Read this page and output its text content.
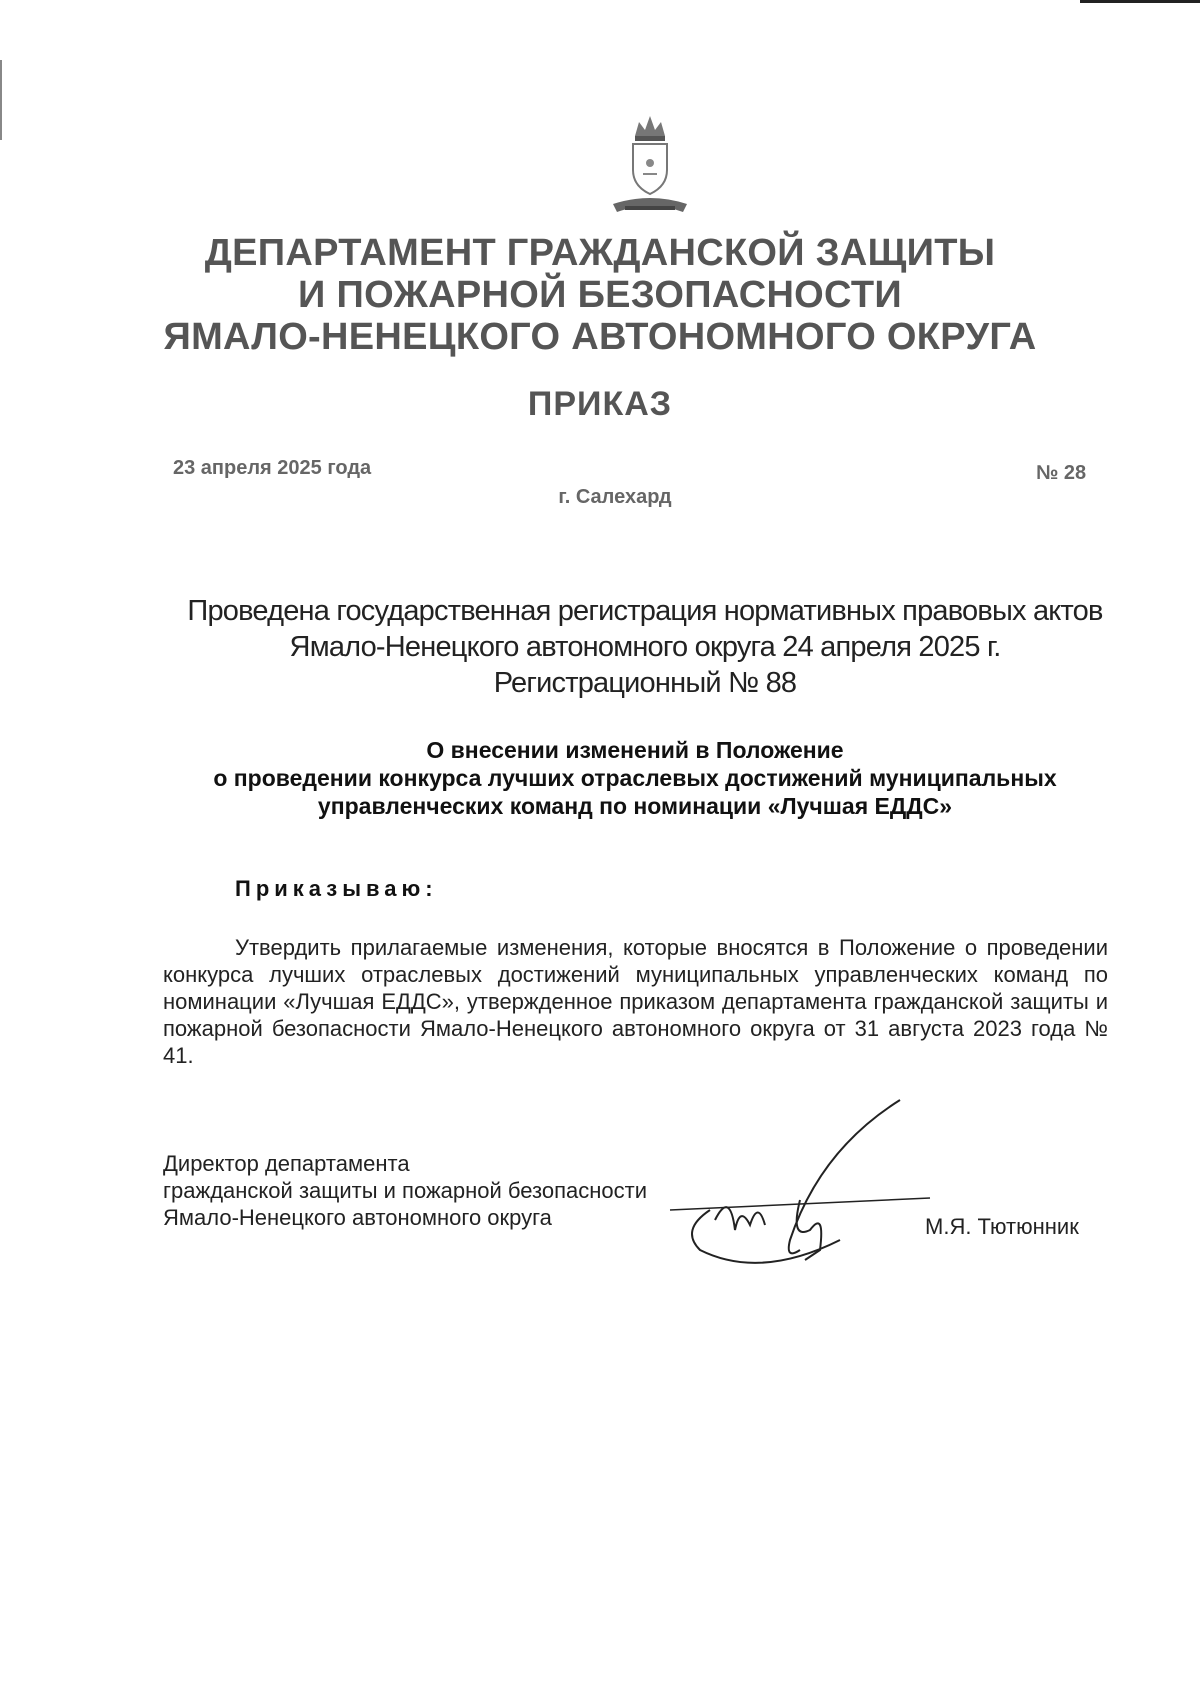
ДЕПАРТАМЕНТ ГРАЖДАНСКОЙ ЗАЩИТЫ
И ПОЖАРНОЙ БЕЗОПАСНОСТИ
ЯМАЛО-НЕНЕЦКОГО АВТОНОМНОГО ОКРУГА
ПРИКАЗ
23 апреля 2025 года	№ 28
г. Салехард
Проведена государственная регистрация нормативных правовых актов
Ямало-Ненецкого автономного округа 24 апреля 2025 г.
Регистрационный № 88
О внесении изменений в Положение
о проведении конкурса лучших отраслевых достижений муниципальных
управленческих команд по номинации «Лучшая ЕДДС»
Приказываю:
Утвердить прилагаемые изменения, которые вносятся в Положение о проведении конкурса лучших отраслевых достижений муниципальных управленческих команд по номинации «Лучшая ЕДДС», утвержденное приказом департамента гражданской защиты и пожарной безопасности Ямало-Ненецкого автономного округа от 31 августа 2023 года № 41.
Директор департамента
гражданской защиты и пожарной безопасности
Ямало-Ненецкого автономного округа	М.Я. Тютюнник
